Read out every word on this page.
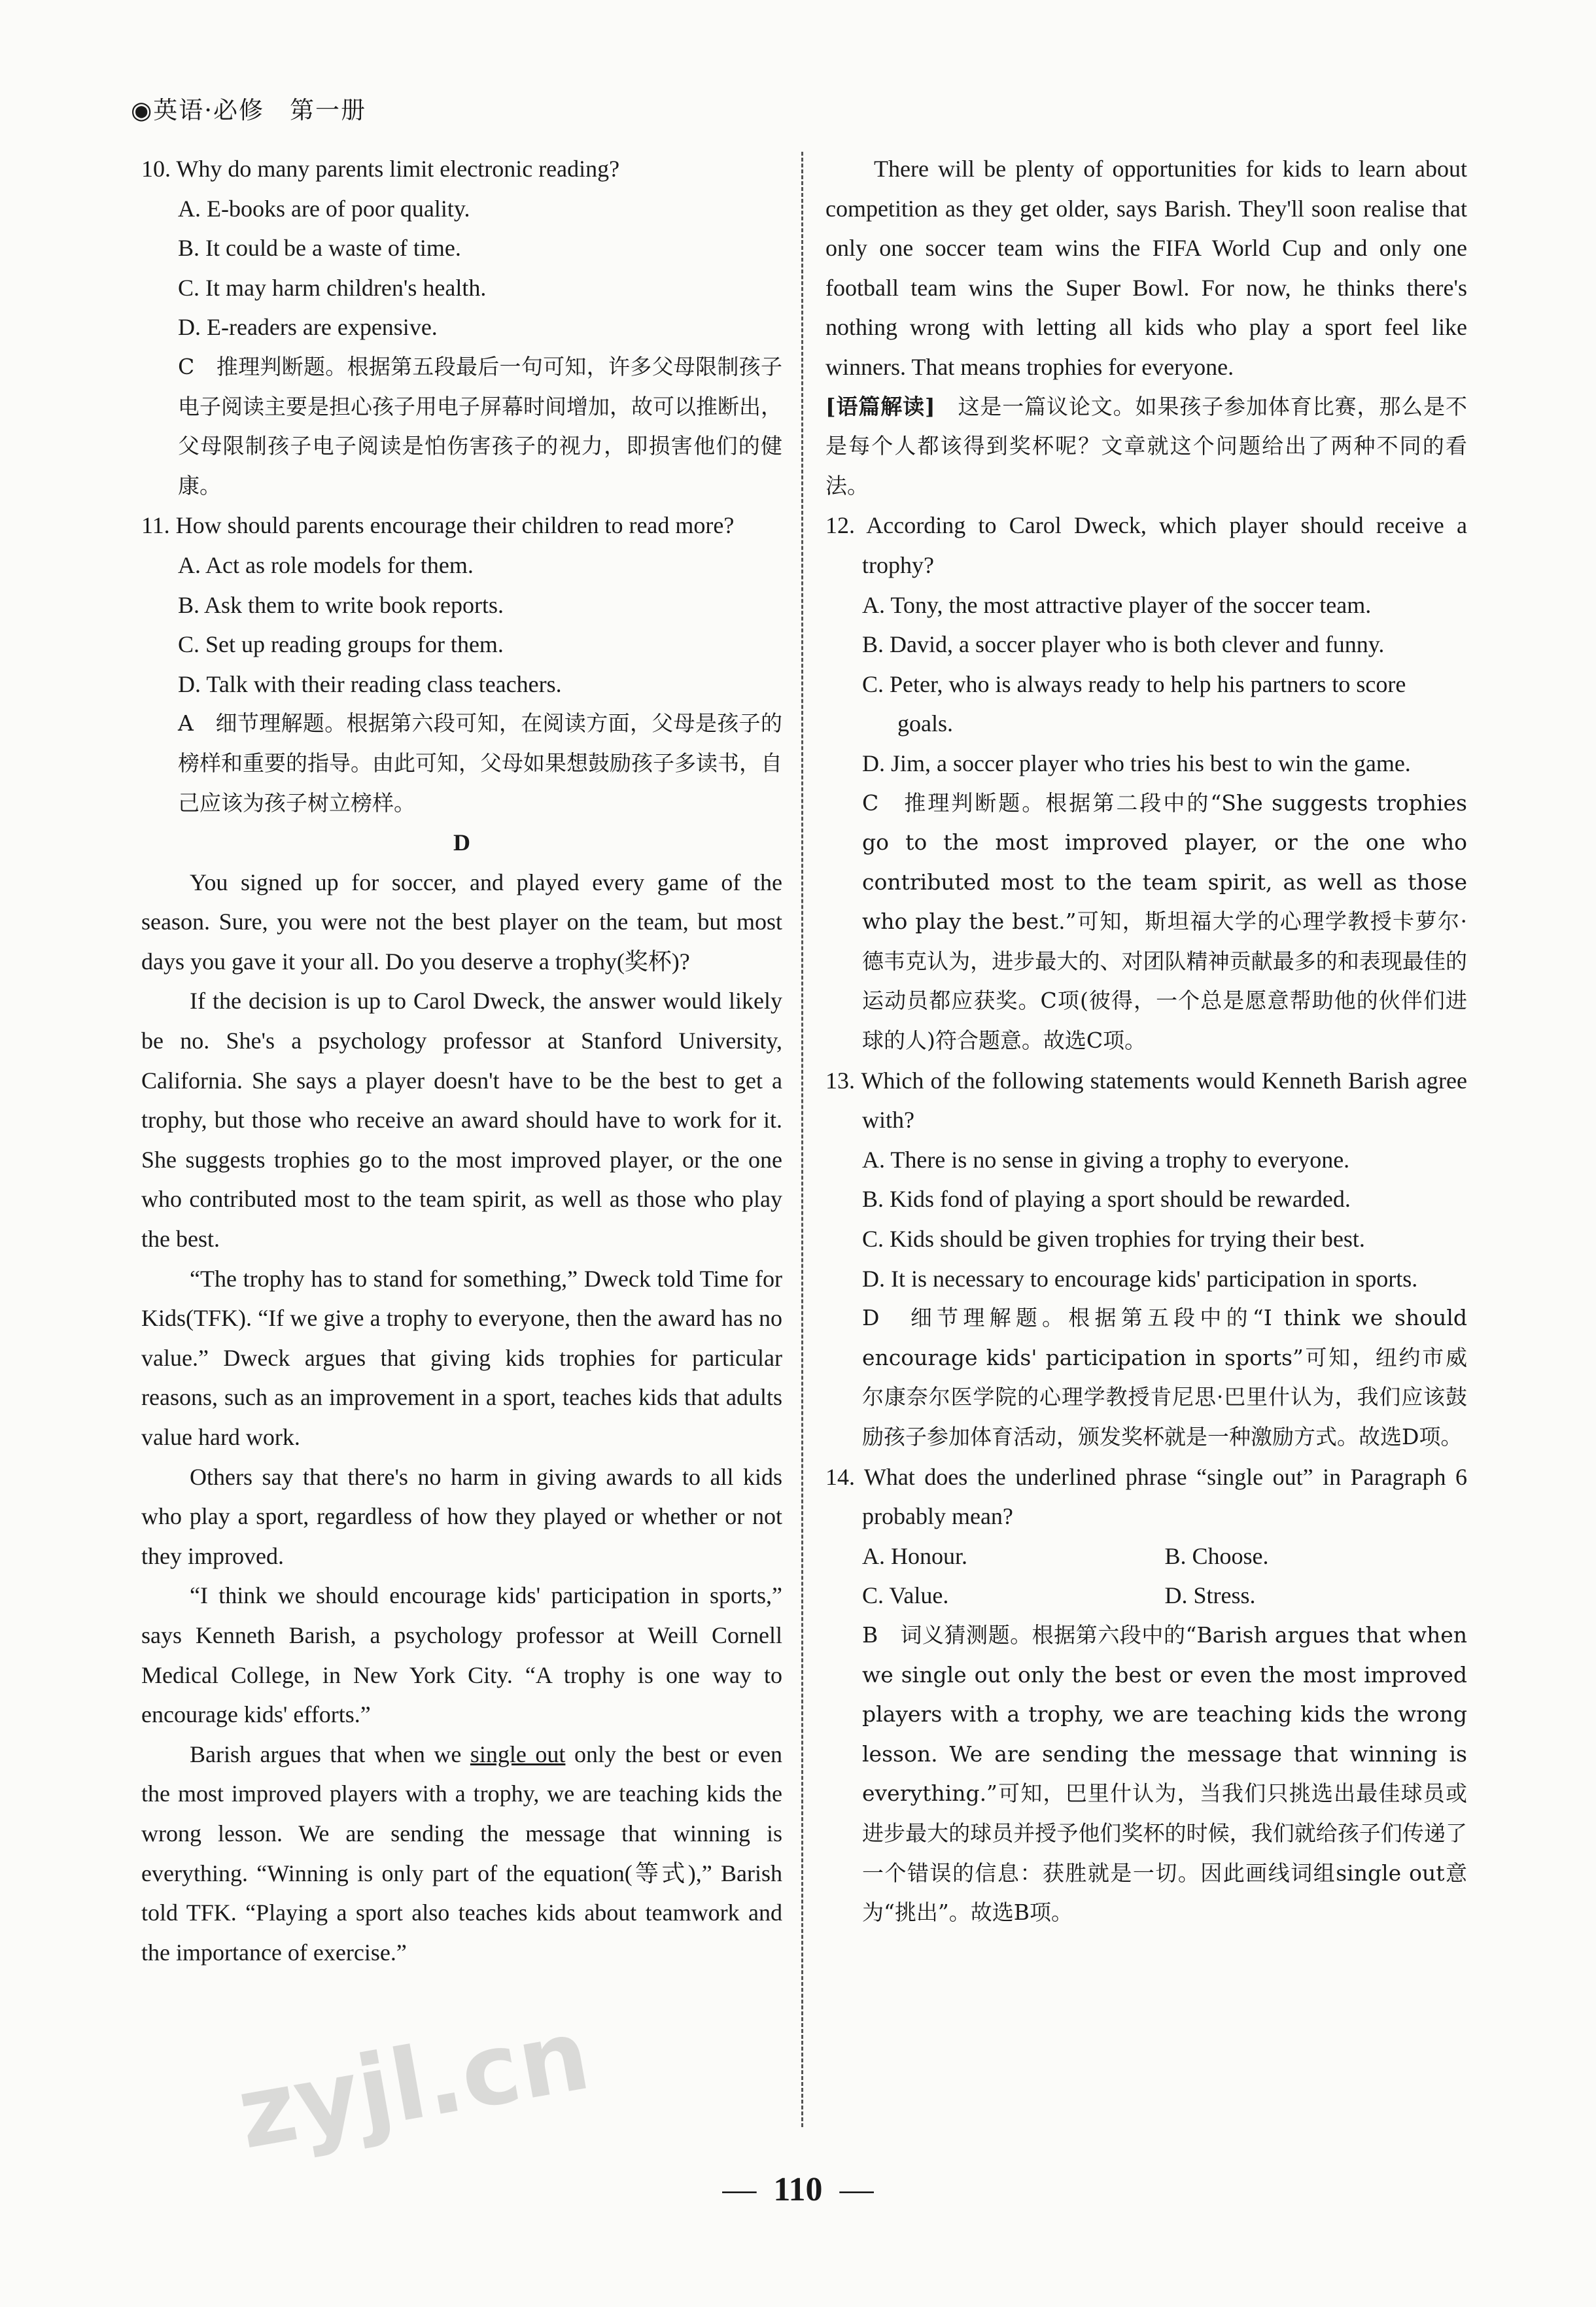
◉英语·必修　第一册

10. Why do many parents limit electronic reading?

A. E-books are of poor quality.

B. It could be a waste of time.

C. It may harm children's health.

D. E-readers are expensive.

C　推理判断题。根据第五段最后一句可知，许多父母限制孩子电子阅读主要是担心孩子用电子屏幕时间增加，故可以推断出，父母限制孩子电子阅读是怕伤害孩子的视力，即损害他们的健康。

11. How should parents encourage their children to read more?

A. Act as role models for them.

B. Ask them to write book reports.

C. Set up reading groups for them.

D. Talk with their reading class teachers.

A　细节理解题。根据第六段可知，在阅读方面，父母是孩子的榜样和重要的指导。由此可知，父母如果想鼓励孩子多读书，自己应该为孩子树立榜样。

D

You signed up for soccer, and played every game of the season. Sure, you were not the best player on the team, but most days you gave it your all. Do you deserve a trophy(奖杯)?

If the decision is up to Carol Dweck, the answer would likely be no. She's a psychology professor at Stanford University, California. She says a player doesn't have to be the best to get a trophy, but those who receive an award should have to work for it. She suggests trophies go to the most improved player, or the one who contributed most to the team spirit, as well as those who play the best.

“The trophy has to stand for something,” Dweck told Time for Kids(TFK). “If we give a trophy to everyone, then the award has no value.” Dweck argues that giving kids trophies for particular reasons, such as an improvement in a sport, teaches kids that adults value hard work.

Others say that there's no harm in giving awards to all kids who play a sport, regardless of how they played or whether or not they improved.

“I think we should encourage kids' participation in sports,” says Kenneth Barish, a psychology professor at Weill Cornell Medical College, in New York City. “A trophy is one way to encourage kids' efforts.”

Barish argues that when we single out only the best or even the most improved players with a trophy, we are teaching kids the wrong lesson. We are sending the message that winning is everything. “Winning is only part of the equation(等式),” Barish told TFK. “Playing a sport also teaches kids about teamwork and the importance of exercise.”

There will be plenty of opportunities for kids to learn about competition as they get older, says Barish. They'll soon realise that only one soccer team wins the FIFA World Cup and only one football team wins the Super Bowl. For now, he thinks there's nothing wrong with letting all kids who play a sport feel like winners. That means trophies for everyone.

[语篇解读]　这是一篇议论文。如果孩子参加体育比赛，那么是不是每个人都该得到奖杯呢？文章就这个问题给出了两种不同的看法。

12. According to Carol Dweck, which player should receive a trophy?

A. Tony, the most attractive player of the soccer team.

B. David, a soccer player who is both clever and funny.

C. Peter, who is always ready to help his partners to score goals.

D. Jim, a soccer player who tries his best to win the game.

C　推理判断题。根据第二段中的“She suggests trophies go to the most improved player, or the one who contributed most to the team spirit, as well as those who play the best.”可知，斯坦福大学的心理学教授卡萝尔·德韦克认为，进步最大的、对团队精神贡献最多的和表现最佳的运动员都应获奖。C项(彼得，一个总是愿意帮助他的伙伴们进球的人)符合题意。故选C项。

13. Which of the following statements would Kenneth Barish agree with?

A. There is no sense in giving a trophy to everyone.

B. Kids fond of playing a sport should be rewarded.

C. Kids should be given trophies for trying their best.

D. It is necessary to encourage kids' participation in sports.

D　细节理解题。根据第五段中的“I think we should encourage kids' participation in sports”可知，纽约市威尔康奈尔医学院的心理学教授肯尼思·巴里什认为，我们应该鼓励孩子参加体育活动，颁发奖杯就是一种激励方式。故选D项。

14. What does the underlined phrase “single out” in Paragraph 6 probably mean?

A. Honour.	B. Choose.
C. Value.	D. Stress.

B　词义猜测题。根据第六段中的“Barish argues that when we single out only the best or even the most improved players with a trophy, we are teaching kids the wrong lesson. We are sending the message that winning is everything.”可知，巴里什认为，当我们只挑选出最佳球员或进步最大的球员并授予他们奖杯的时候，我们就给孩子们传递了一个错误的信息：获胜就是一切。因此画线词组single out意为“挑出”。故选B项。

zyjl.cn
— 110 —
